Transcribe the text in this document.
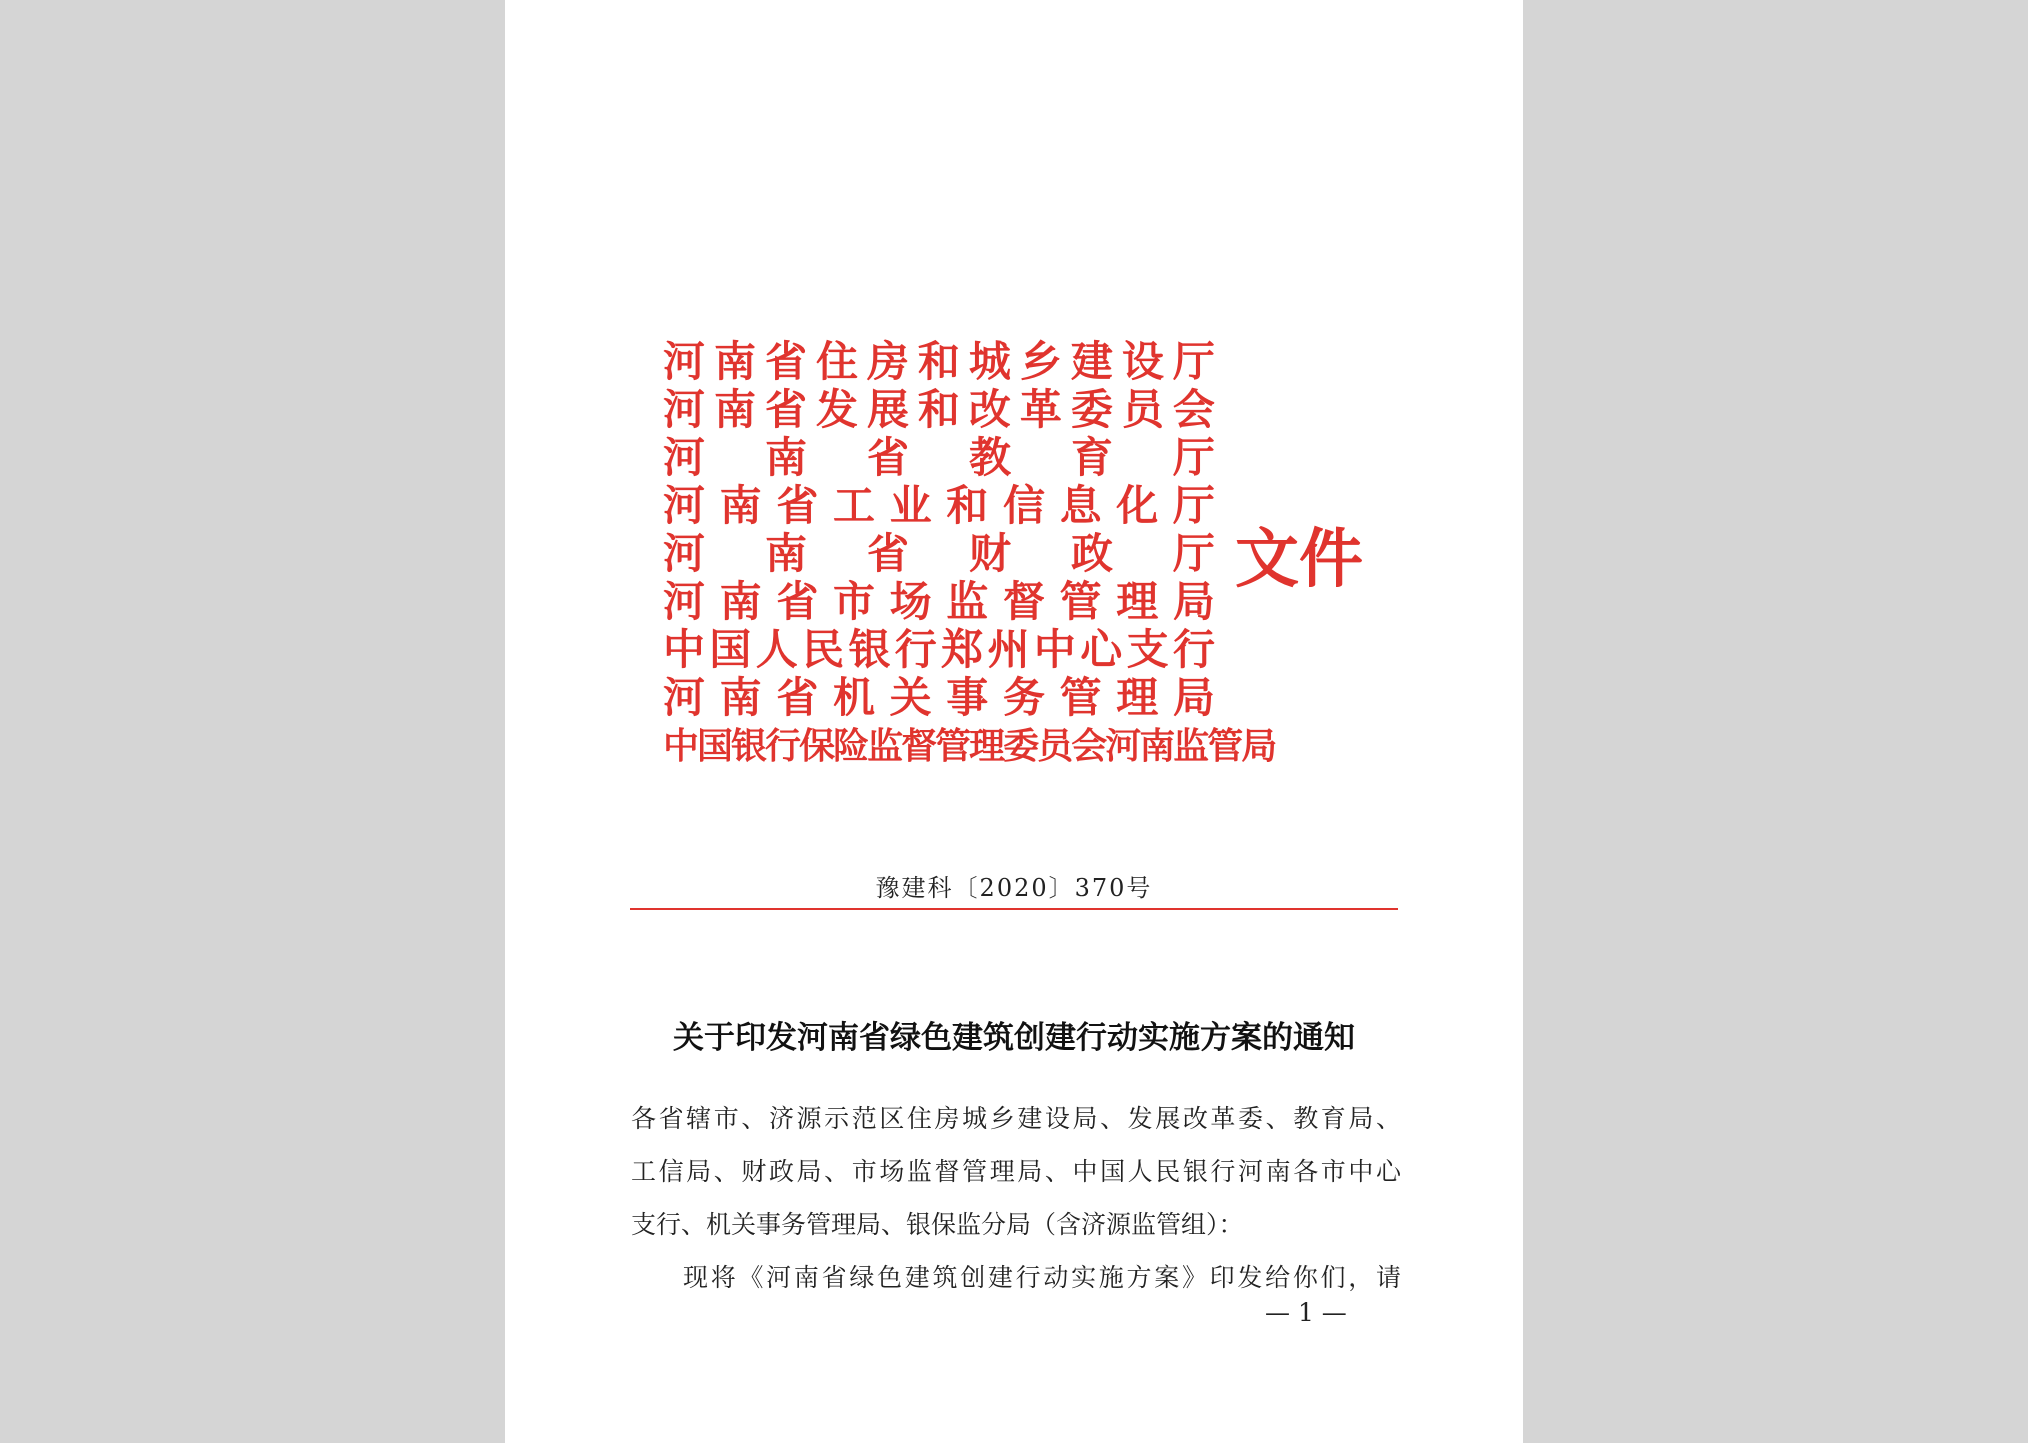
河 南 省 住 房 和 城 乡 建 设 厅
河 南 省 发 展 和 改 革 委 员 会
河 南 省 教 育 厅
河 南 省 工 业 和 信 息 化 厅
河 南 省 财 政 厅
河 南 省 市 场 监 督 管 理 局
中 国 人 民 银 行 郑 州 中 心 支 行
河 南 省 机 关 事 务 管 理 局
中 国 银 行 保 险 监 督 管 理 委 员 会 河 南 监 管 局
文件
豫建科〔2020〕370号
关于印发河南省绿色建筑创建行动实施方案的通知
各省辖市、济源示范区住房城乡建设局、发展改革委、教育局、
工信局、财政局、市场监督管理局、中国人民银行河南各市中心
支行、机关事务管理局、银保监分局（含济源监管组）：
现将《河南省绿色建筑创建行动实施方案》印发给你们，请
— 1 —
